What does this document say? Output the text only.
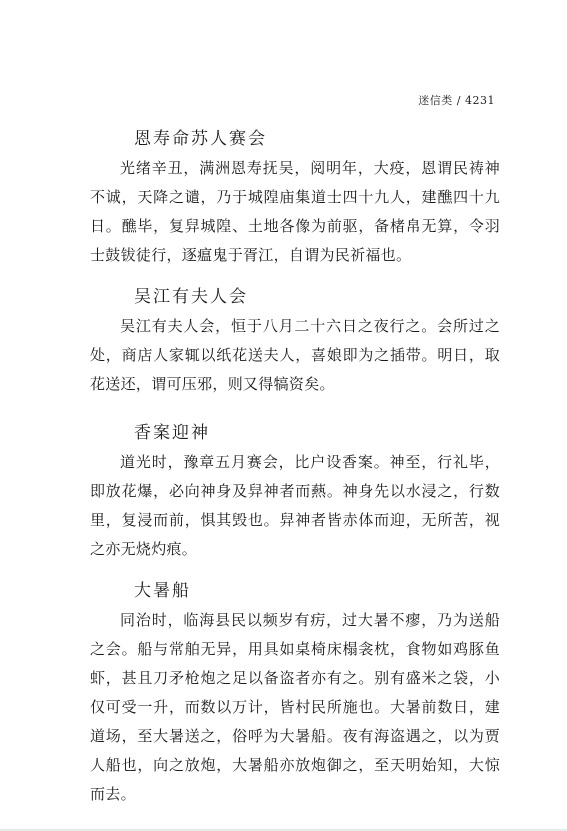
迷信类 / 4231
恩寿命苏人赛会
光绪辛丑，满洲恩寿抚吴，阅明年，大疫，恩谓民祷神不诚，天降之谴，乃于城隍庙集道士四十九人，建醮四十九日。醮毕，复舁城隍、土地各像为前驱，备楮帛无算，令羽士鼓钹徒行，逐瘟鬼于胥江，自谓为民祈福也。
吴江有夫人会
吴江有夫人会，恒于八月二十六日之夜行之。会所过之处，商店人家辄以纸花送夫人，喜娘即为之插带。明日，取花送还，谓可压邪，则又得犒资矣。
香案迎神
道光时，豫章五月赛会，比户设香案。神至，行礼毕，即放花爆，必向神身及舁神者而爇。神身先以水浸之，行数里，复浸而前，惧其毁也。舁神者皆赤体而迎，无所苦，视之亦无烧灼痕。
大暑船
同治时，临海县民以频岁有疠，过大暑不瘳，乃为送船之会。船与常舶无异，用具如桌椅床榻衾枕，食物如鸡豚鱼虾，甚且刀矛枪炮之足以备盗者亦有之。别有盛米之袋，小仅可受一升，而数以万计，皆村民所施也。大暑前数日，建道场，至大暑送之，俗呼为大暑船。夜有海盗遇之，以为贾人船也，向之放炮，大暑船亦放炮御之，至天明始知，大惊而去。
